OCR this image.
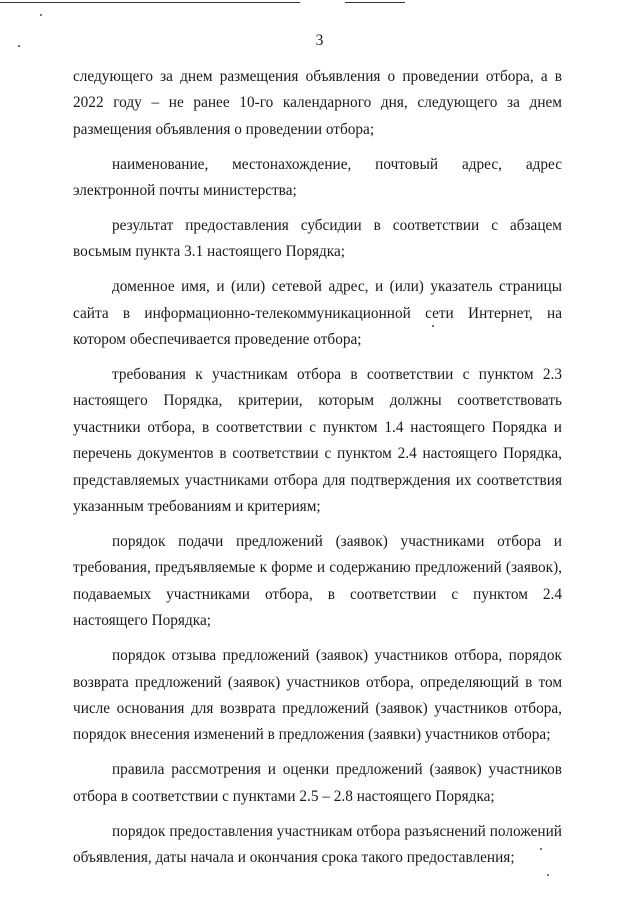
3

следующего за днем размещения объявления о проведении отбора, а в 2022 году – не ранее 10-го календарного дня, следующего за днем размещения объявления о проведении отбора;

наименование, местонахождение, почтовый адрес, адрес электронной почты министерства;

результат предоставления субсидии в соответствии с абзацем восьмым пункта 3.1 настоящего Порядка;

доменное имя, и (или) сетевой адрес, и (или) указатель страницы сайта в информационно-телекоммуникационной сети Интернет, на котором обеспечивается проведение отбора;

требования к участникам отбора в соответствии с пунктом 2.3 настоящего Порядка, критерии, которым должны соответствовать участники отбора, в соответствии с пунктом 1.4 настоящего Порядка и перечень документов в соответствии с пунктом 2.4 настоящего Порядка, представляемых участниками отбора для подтверждения их соответствия указанным требованиям и критериям;

порядок подачи предложений (заявок) участниками отбора и требования, предъявляемые к форме и содержанию предложений (заявок), подаваемых участниками отбора, в соответствии с пунктом 2.4 настоящего Порядка;

порядок отзыва предложений (заявок) участников отбора, порядок возврата предложений (заявок) участников отбора, определяющий в том числе основания для возврата предложений (заявок) участников отбора, порядок внесения изменений в предложения (заявки) участников отбора;

правила рассмотрения и оценки предложений (заявок) участников отбора в соответствии с пунктами 2.5 – 2.8 настоящего Порядка;

порядок предоставления участникам отбора разъяснений положений объявления, даты начала и окончания срока такого предоставления;
